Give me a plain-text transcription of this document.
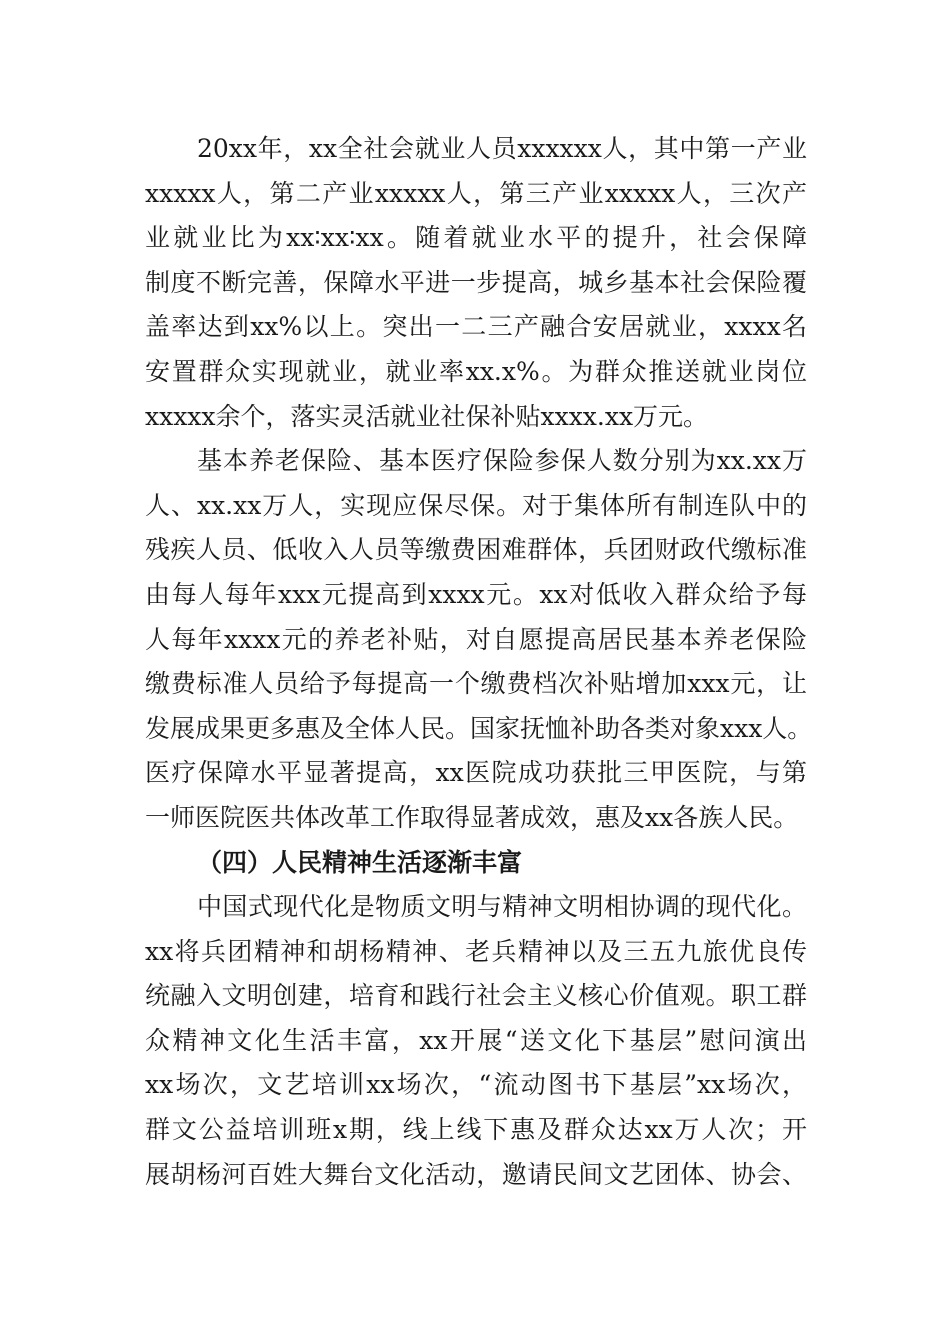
20xx年，xx全社会就业人员xxxxxx人，其中第一产业
xxxxx人，第二产业xxxxx人，第三产业xxxxx人，三次产
业就业比为xx∶xx∶xx。随着就业水平的提升，社会保障
制度不断完善，保障水平进一步提高，城乡基本社会保险覆
盖率达到xx%以上。突出一二三产融合安居就业，xxxx名
安置群众实现就业，就业率xx.x%。为群众推送就业岗位
xxxxx余个，落实灵活就业社保补贴xxxx.xx万元。
基本养老保险、基本医疗保险参保人数分别为xx.xx万
人、xx.xx万人，实现应保尽保。对于集体所有制连队中的
残疾人员、低收入人员等缴费困难群体，兵团财政代缴标准
由每人每年xxx元提高到xxxx元。xx对低收入群众给予每
人每年xxxx元的养老补贴，对自愿提高居民基本养老保险
缴费标准人员给予每提高一个缴费档次补贴增加xxx元，让
发展成果更多惠及全体人民。国家抚恤补助各类对象xxx人。
医疗保障水平显著提高，xx医院成功获批三甲医院，与第
一师医院医共体改革工作取得显著成效，惠及xx各族人民。
（四）人民精神生活逐渐丰富
中国式现代化是物质文明与精神文明相协调的现代化。
xx将兵团精神和胡杨精神、老兵精神以及三五九旅优良传
统融入文明创建，培育和践行社会主义核心价值观。职工群
众精神文化生活丰富，xx开展“送文化下基层”慰问演出
xx场次，文艺培训xx场次，“流动图书下基层”xx场次，
群文公益培训班x期，线上线下惠及群众达xx万人次；开
展胡杨河百姓大舞台文化活动，邀请民间文艺团体、协会、
